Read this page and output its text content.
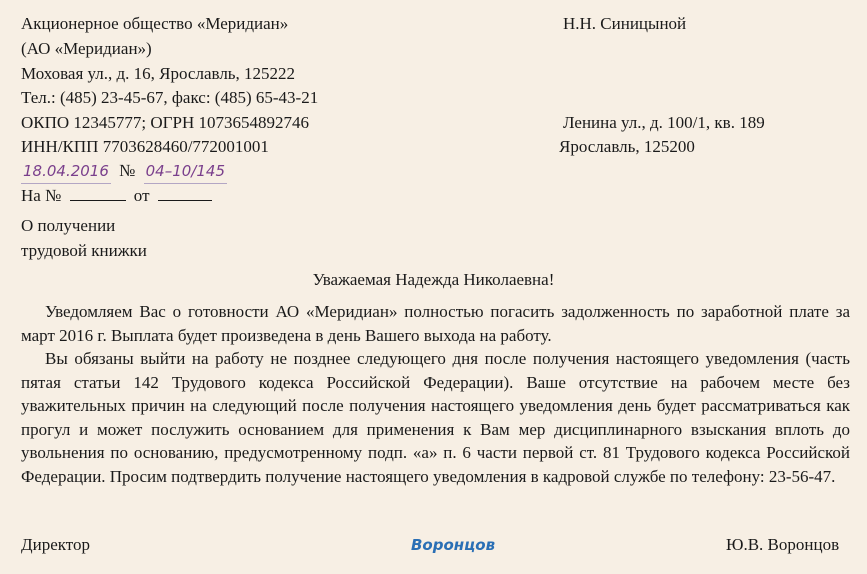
Акционерное общество «Меридиан»
(АО «Меридиан»)
Моховая ул., д. 16, Ярославль, 125222
Тел.: (485) 23-45-67, факс: (485) 65-43-21
ОКПО 12345777; ОГРН 1073654892746
ИНН/КПП 7703628460/772001001
Н.Н. Синицыной
Ленина ул., д. 100/1, кв. 189
Ярославль, 125200
18.04.2016 № 04–10/145
На №	от
О получении
трудовой книжки
Уважаемая Надежда Николаевна!

Уведомляем Вас о готовности АО «Меридиан» полностью погасить задолженность по заработной плате за март 2016 г. Выплата будет произведена в день Вашего выхода на работу.

Вы обязаны выйти на работу не позднее следующего дня после получения настоящего уведомления (часть пятая статьи 142 Трудового кодекса Российской Федерации). Ваше отсутствие на рабочем месте без уважительных причин на следующий после получения настоящего уведомления день будет рассматриваться как прогул и может послужить основанием для применения к Вам мер дисциплинарного взыскания вплоть до увольнения по основанию, предусмотренному подп. «а» п. 6 части первой ст. 81 Трудового кодекса Российской Федерации. Просим подтвердить получение настоящего уведомления в кадровой службе по телефону: 23-56-47.

Директор	Воронцов	Ю.В. Воронцов
